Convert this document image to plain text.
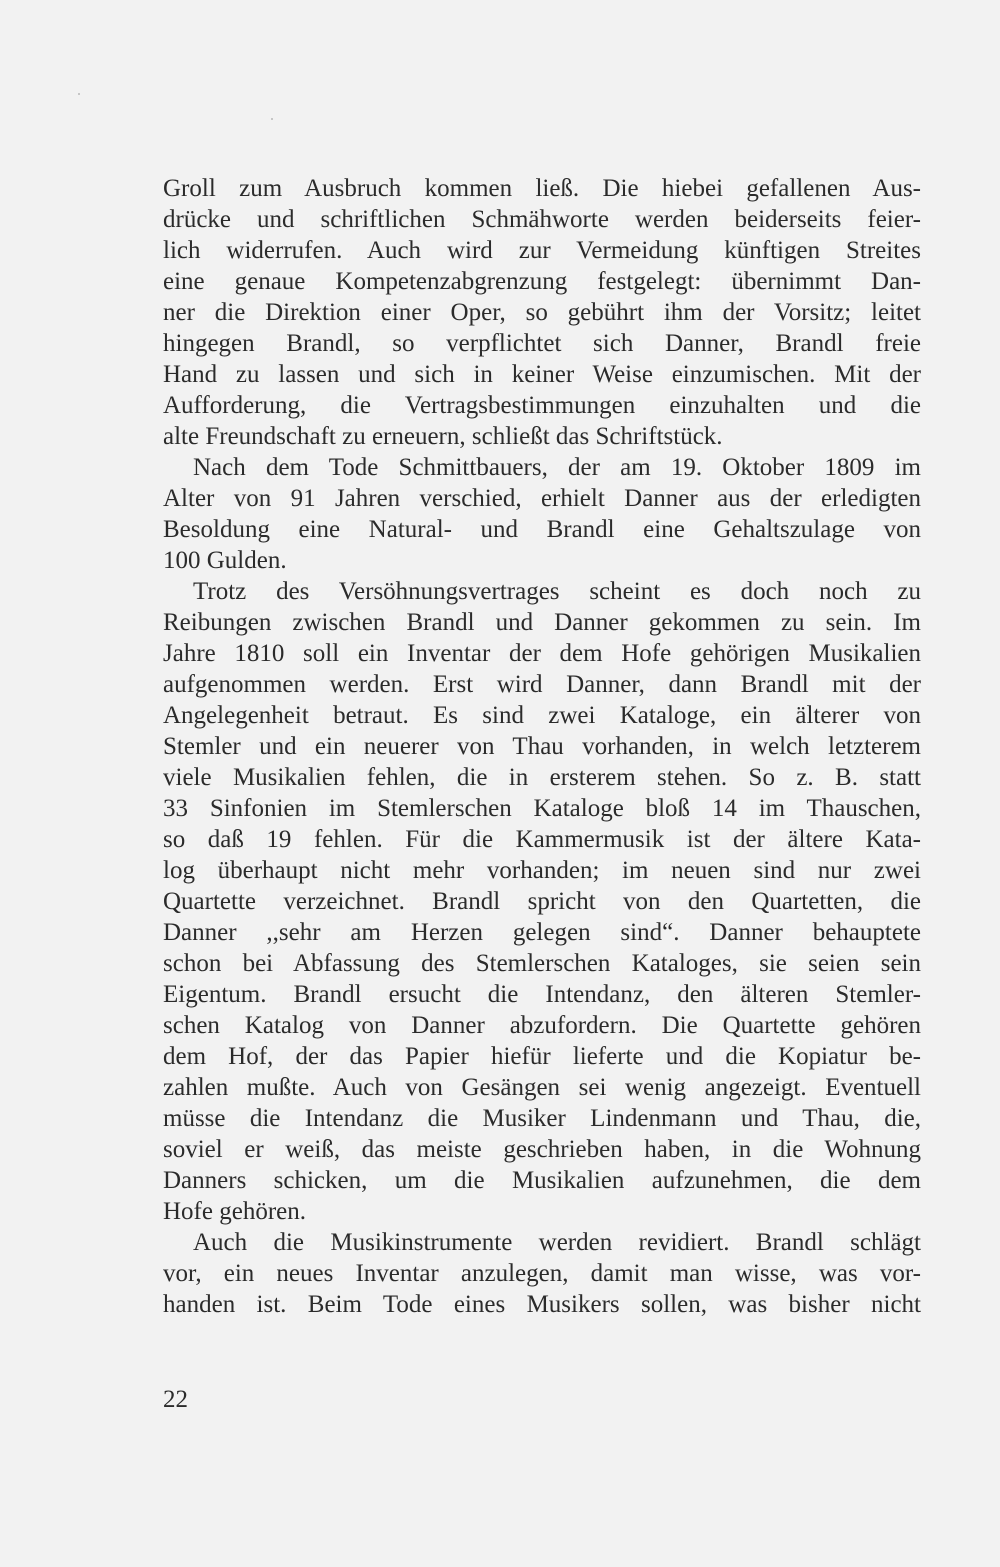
Groll zum Ausbruch kommen ließ. Die hiebei gefallenen Aus-
drücke und schriftlichen Schmähworte werden beiderseits feier-
lich widerrufen. Auch wird zur Vermeidung künftigen Streites
eine genaue Kompetenzabgrenzung festgelegt: übernimmt Dan-
ner die Direktion einer Oper, so gebührt ihm der Vorsitz; leitet
hingegen Brandl, so verpflichtet sich Danner, Brandl freie
Hand zu lassen und sich in keiner Weise einzumischen. Mit der
Aufforderung, die Vertragsbestimmungen einzuhalten und die
alte Freundschaft zu erneuern, schließt das Schriftstück.
Nach dem Tode Schmittbauers, der am 19. Oktober 1809 im
Alter von 91 Jahren verschied, erhielt Danner aus der erledigten
Besoldung eine Natural- und Brandl eine Gehaltszulage von
100 Gulden.
Trotz des Versöhnungsvertrages scheint es doch noch zu
Reibungen zwischen Brandl und Danner gekommen zu sein. Im
Jahre 1810 soll ein Inventar der dem Hofe gehörigen Musikalien
aufgenommen werden. Erst wird Danner, dann Brandl mit der
Angelegenheit betraut. Es sind zwei Kataloge, ein älterer von
Stemler und ein neuerer von Thau vorhanden, in welch letzterem
viele Musikalien fehlen, die in ersterem stehen. So z. B. statt
33 Sinfonien im Stemlerschen Kataloge bloß 14 im Thauschen,
so daß 19 fehlen. Für die Kammermusik ist der ältere Kata-
log überhaupt nicht mehr vorhanden; im neuen sind nur zwei
Quartette verzeichnet. Brandl spricht von den Quartetten, die
Danner ,,sehr am Herzen gelegen sind“. Danner behauptete
schon bei Abfassung des Stemlerschen Kataloges, sie seien sein
Eigentum. Brandl ersucht die Intendanz, den älteren Stemler-
schen Katalog von Danner abzufordern. Die Quartette gehören
dem Hof, der das Papier hiefür lieferte und die Kopiatur be-
zahlen mußte. Auch von Gesängen sei wenig angezeigt. Eventuell
müsse die Intendanz die Musiker Lindenmann und Thau, die,
soviel er weiß, das meiste geschrieben haben, in die Wohnung
Danners schicken, um die Musikalien aufzunehmen, die dem
Hofe gehören.
Auch die Musikinstrumente werden revidiert. Brandl schlägt
vor, ein neues Inventar anzulegen, damit man wisse, was vor-
handen ist. Beim Tode eines Musikers sollen, was bisher nicht
22
